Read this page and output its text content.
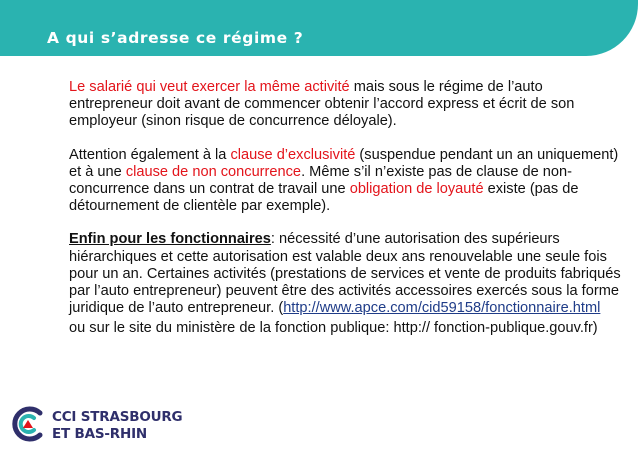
A qui s’adresse ce régime ?

Le salarié qui veut exercer la même activité mais sous le régime de l’auto entrepreneur doit avant de commencer obtenir l’accord express et écrit de son employeur (sinon risque de concurrence déloyale).

Attention également à la clause d’exclusivité (suspendue pendant un an uniquement) et à une clause de non concurrence. Même s’il n’existe pas de clause de non-concurrence dans un contrat de travail une obligation de loyauté existe (pas de détournement de clientèle par exemple).

Enfin pour les fonctionnaires: nécessité d’une autorisation des supérieurs hiérarchiques et cette autorisation est valable deux ans renouvelable une seule fois pour un an. Certaines activités (prestations de services et vente de produits fabriqués par l’auto entrepreneur) peuvent être des activités accessoires exercés sous la forme juridique de l’auto entrepreneur. (http://www.apce.com/cid59158/fonctionnaire.html

ou sur le site du ministère de la fonction publique: http:// fonction-publique.gouv.fr)
CCI STRASBOURG
ET BAS-RHIN
